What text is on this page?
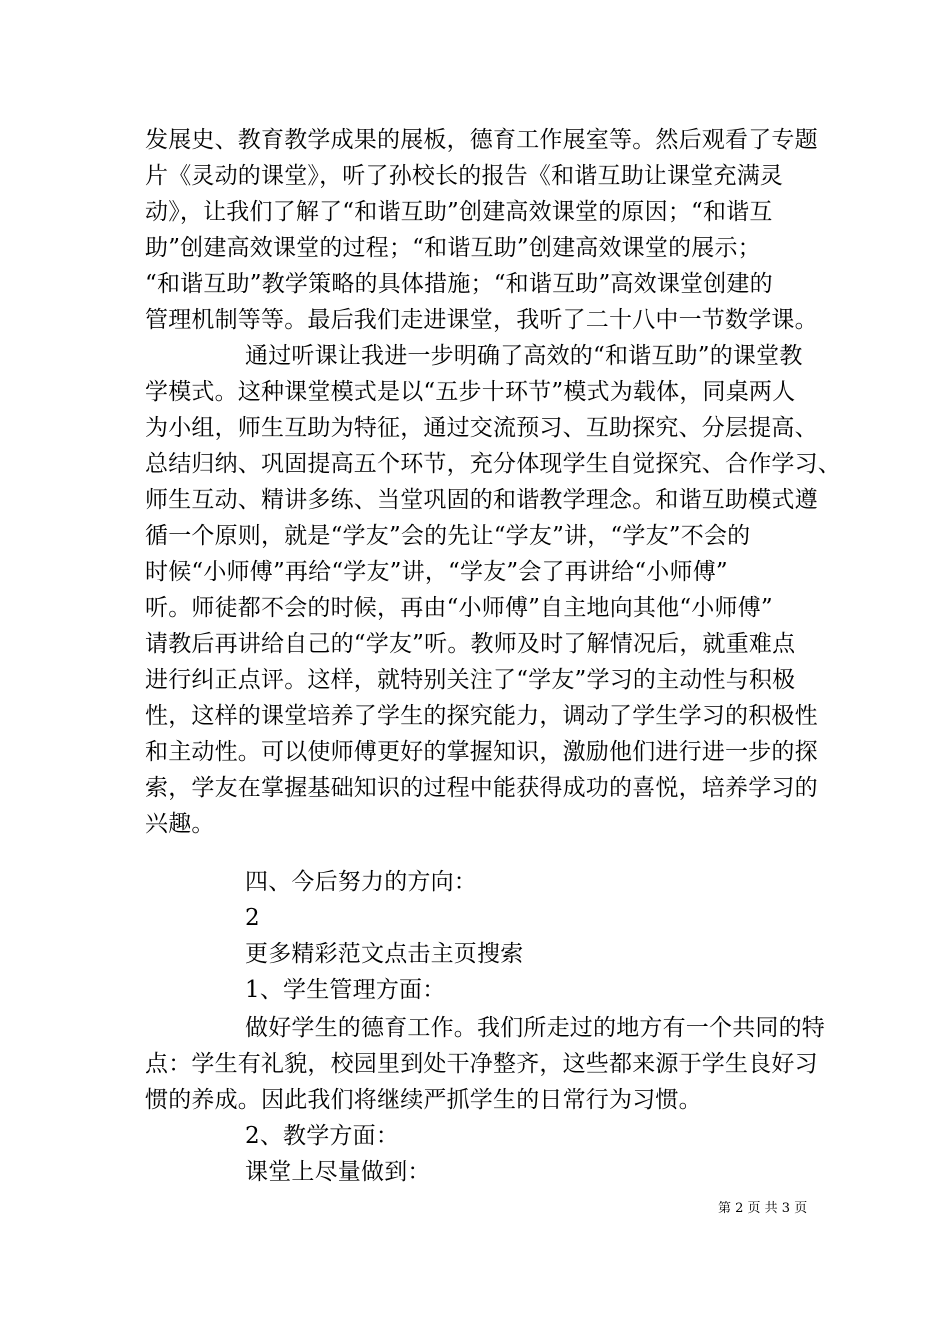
发展史、教育教学成果的展板，德育工作展室等。然后观看了专题
片《灵动的课堂》，听了孙校长的报告《和谐互助让课堂充满灵
动》，让我们了解了“和谐互助”创建高效课堂的原因；“和谐互
助”创建高效课堂的过程；“和谐互助”创建高效课堂的展示；
“和谐互助”教学策略的具体措施；“和谐互助”高效课堂创建的
管理机制等等。最后我们走进课堂，我听了二十八中一节数学课。
通过听课让我进一步明确了高效的“和谐互助”的课堂教
学模式。这种课堂模式是以“五步十环节”模式为载体，同桌两人
为小组，师生互助为特征，通过交流预习、互助探究、分层提高、
总结归纳、巩固提高五个环节，充分体现学生自觉探究、合作学习、
师生互动、精讲多练、当堂巩固的和谐教学理念。和谐互助模式遵
循一个原则，就是“学友”会的先让“学友”讲，“学友”不会的
时候“小师傅”再给“学友”讲，“学友”会了再讲给“小师傅”
听。师徒都不会的时候，再由“小师傅”自主地向其他“小师傅”
请教后再讲给自己的“学友”听。教师及时了解情况后，就重难点
进行纠正点评。这样，就特别关注了“学友”学习的主动性与积极
性，这样的课堂培养了学生的探究能力，调动了学生学习的积极性
和主动性。可以使师傅更好的掌握知识，激励他们进行进一步的探
索，学友在掌握基础知识的过程中能获得成功的喜悦，培养学习的
兴趣。
四、今后努力的方向：
2
更多精彩范文点击主页搜索
1、学生管理方面：
做好学生的德育工作。我们所走过的地方有一个共同的特
点：学生有礼貌，校园里到处干净整齐，这些都来源于学生良好习
惯的养成。因此我们将继续严抓学生的日常行为习惯。
2、教学方面：
课堂上尽量做到：
第 2 页 共 3 页
